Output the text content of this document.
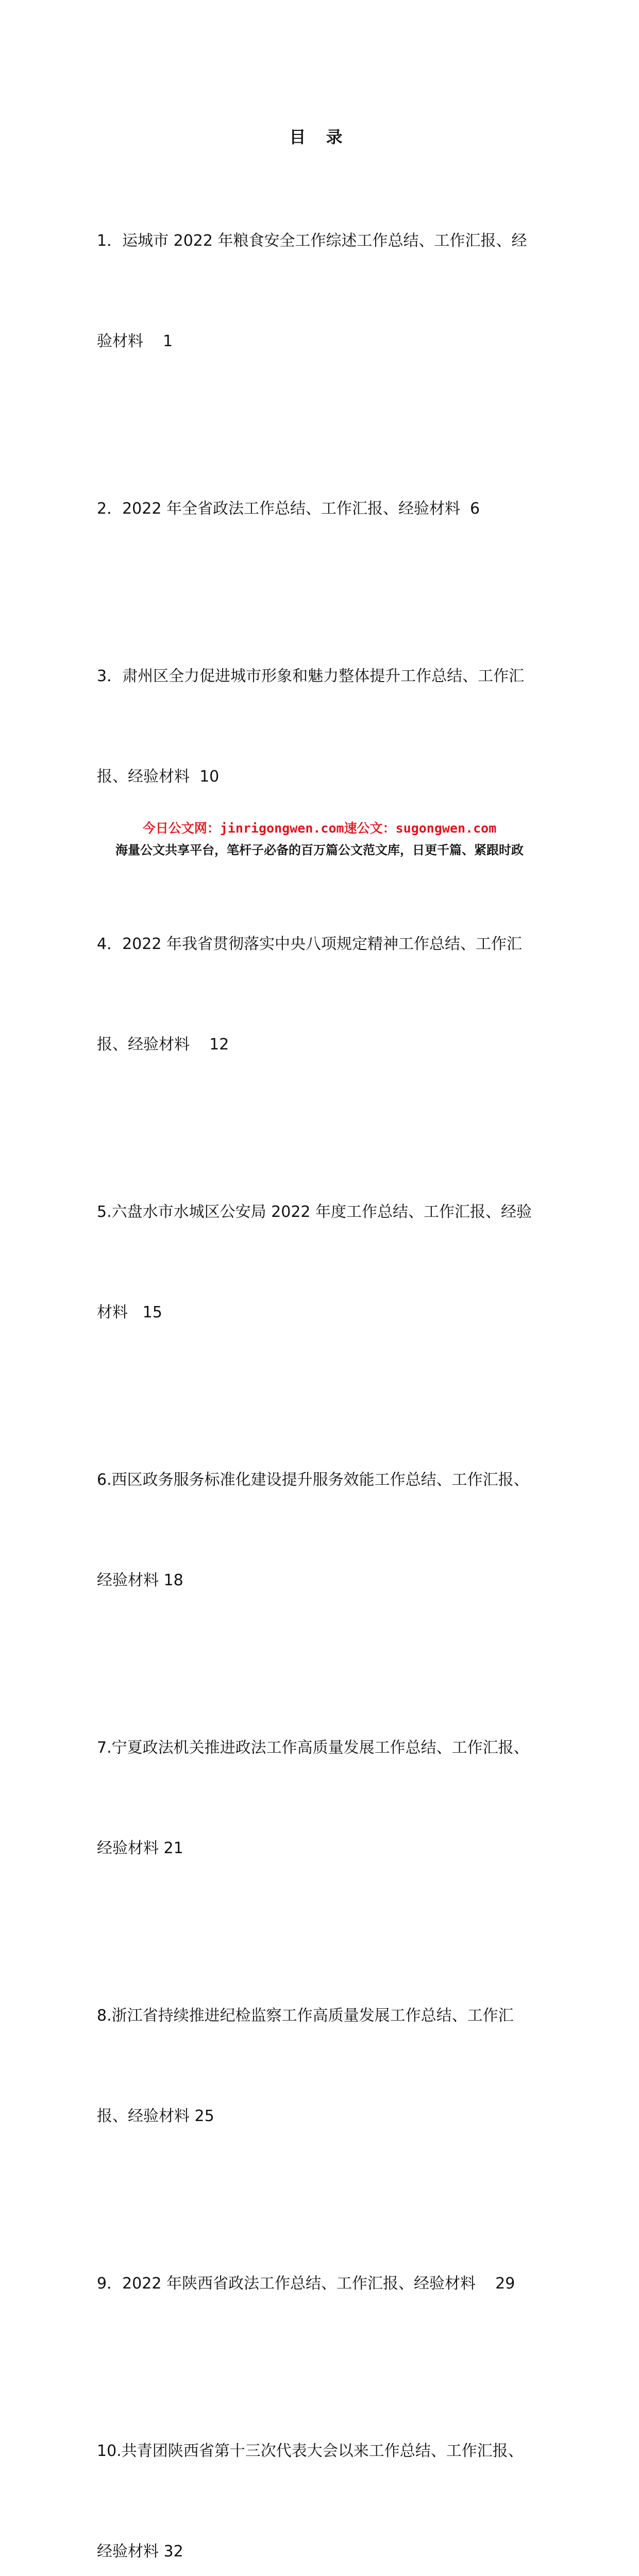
目 录

1．运城市 2022 年粮食安全工作综述工作总结、工作汇报、经

验材料    1

2．2022 年全省政法工作总结、工作汇报、经验材料  6

3．肃州区全力促进城市形象和魅力整体提升工作总结、工作汇

报、经验材料  10

4．2022 年我省贯彻落实中央八项规定精神工作总结、工作汇

报、经验材料    12

5.六盘水市水城区公安局 2022 年度工作总结、工作汇报、经验

材料   15

6.西区政务服务标准化建设提升服务效能工作总结、工作汇报、

经验材料 18

7.宁夏政法机关推进政法工作高质量发展工作总结、工作汇报、

经验材料 21

8.浙江省持续推进纪检监察工作高质量发展工作总结、工作汇

报、经验材料 25

9．2022 年陕西省政法工作总结、工作汇报、经验材料    29

10.共青团陕西省第十三次代表大会以来工作总结、工作汇报、

经验材料 32

今日公文网：jinrigongwen.com速公文：sugongwen.com
海量公文共享平台，笔杆子必备的百万篇公文范文库，日更千篇、紧跟时政
